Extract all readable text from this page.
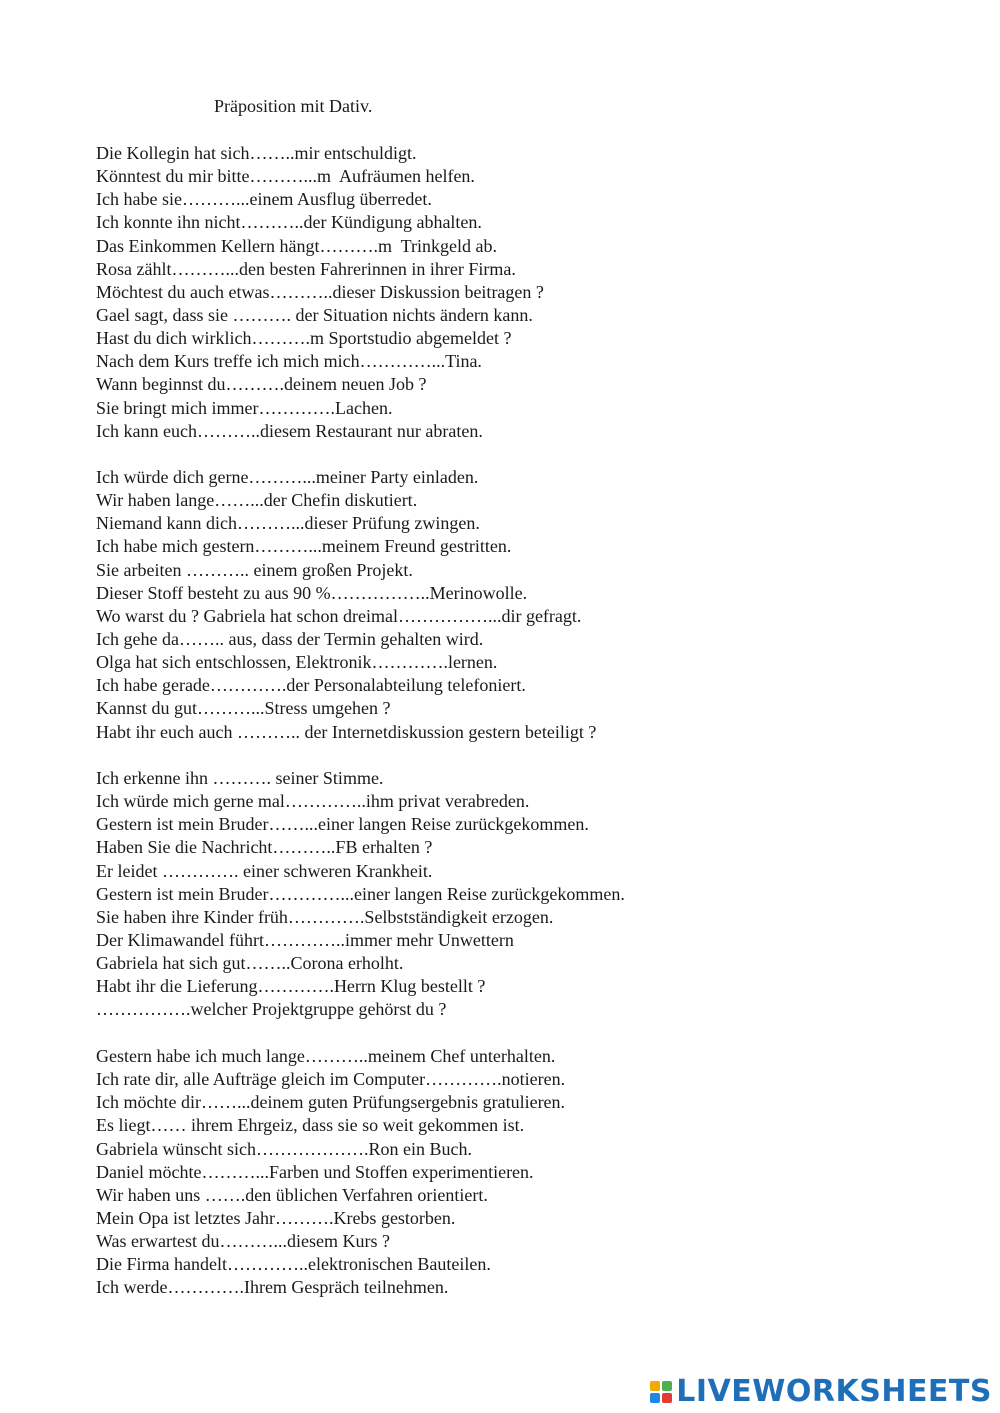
Präposition mit Dativ.
Die Kollegin hat sich……..mir entschuldigt.
Könntest du mir bitte………...m  Aufräumen helfen.
Ich habe sie………...einem Ausflug überredet.
Ich konnte ihn nicht………..der Kündigung abhalten.
Das Einkommen Kellern hängt……….m  Trinkgeld ab.
Rosa zählt………...den besten Fahrerinnen in ihrer Firma.
Möchtest du auch etwas………..dieser Diskussion beitragen ?
Gael sagt, dass sie ………. der Situation nichts ändern kann.
Hast du dich wirklich……….m Sportstudio abgemeldet ?
Nach dem Kurs treffe ich mich mich…………...Tina.
Wann beginnst du……….deinem neuen Job ?
Sie bringt mich immer………….Lachen.
Ich kann euch………..diesem Restaurant nur abraten.
Ich würde dich gerne………...meiner Party einladen.
Wir haben lange……...der Chefin diskutiert.
Niemand kann dich………...dieser Prüfung zwingen.
Ich habe mich gestern………...meinem Freund gestritten.
Sie arbeiten ……….. einem großen Projekt.
Dieser Stoff besteht zu aus 90 %……………..Merinowolle.
Wo warst du ? Gabriela hat schon dreimal……………...dir gefragt.
Ich gehe da…….. aus, dass der Termin gehalten wird.
Olga hat sich entschlossen, Elektronik………….lernen.
Ich habe gerade………….der Personalabteilung telefoniert.
Kannst du gut………...Stress umgehen ?
Habt ihr euch auch ……….. der Internetdiskussion gestern beteiligt ?
Ich erkenne ihn ………. seiner Stimme.
Ich würde mich gerne mal…………..ihm privat verabreden.
Gestern ist mein Bruder……...einer langen Reise zurückgekommen.
Haben Sie die Nachricht………..FB erhalten ?
Er leidet …………. einer schweren Krankheit.
Gestern ist mein Bruder…………...einer langen Reise zurückgekommen.
Sie haben ihre Kinder früh………….Selbstständigkeit erzogen.
Der Klimawandel führt…………..immer mehr Unwettern
Gabriela hat sich gut……..Corona erholht.
Habt ihr die Lieferung………….Herrn Klug bestellt ?
…………….welcher Projektgruppe gehörst du ?
Gestern habe ich much lange………..meinem Chef unterhalten.
Ich rate dir, alle Aufträge gleich im Computer………….notieren.
Ich möchte dir……...deinem guten Prüfungsergebnis gratulieren.
Es liegt…… ihrem Ehrgeiz, dass sie so weit gekommen ist.
Gabriela wünscht sich……………….Ron ein Buch.
Daniel möchte………...Farben und Stoffen experimentieren.
Wir haben uns …….den üblichen Verfahren orientiert.
Mein Opa ist letztes Jahr……….Krebs gestorben.
Was erwartest du………...diesem Kurs ?
Die Firma handelt…………..elektronischen Bauteilen.
Ich werde………….Ihrem Gespräch teilnehmen.
LIVEWORKSHEETS
